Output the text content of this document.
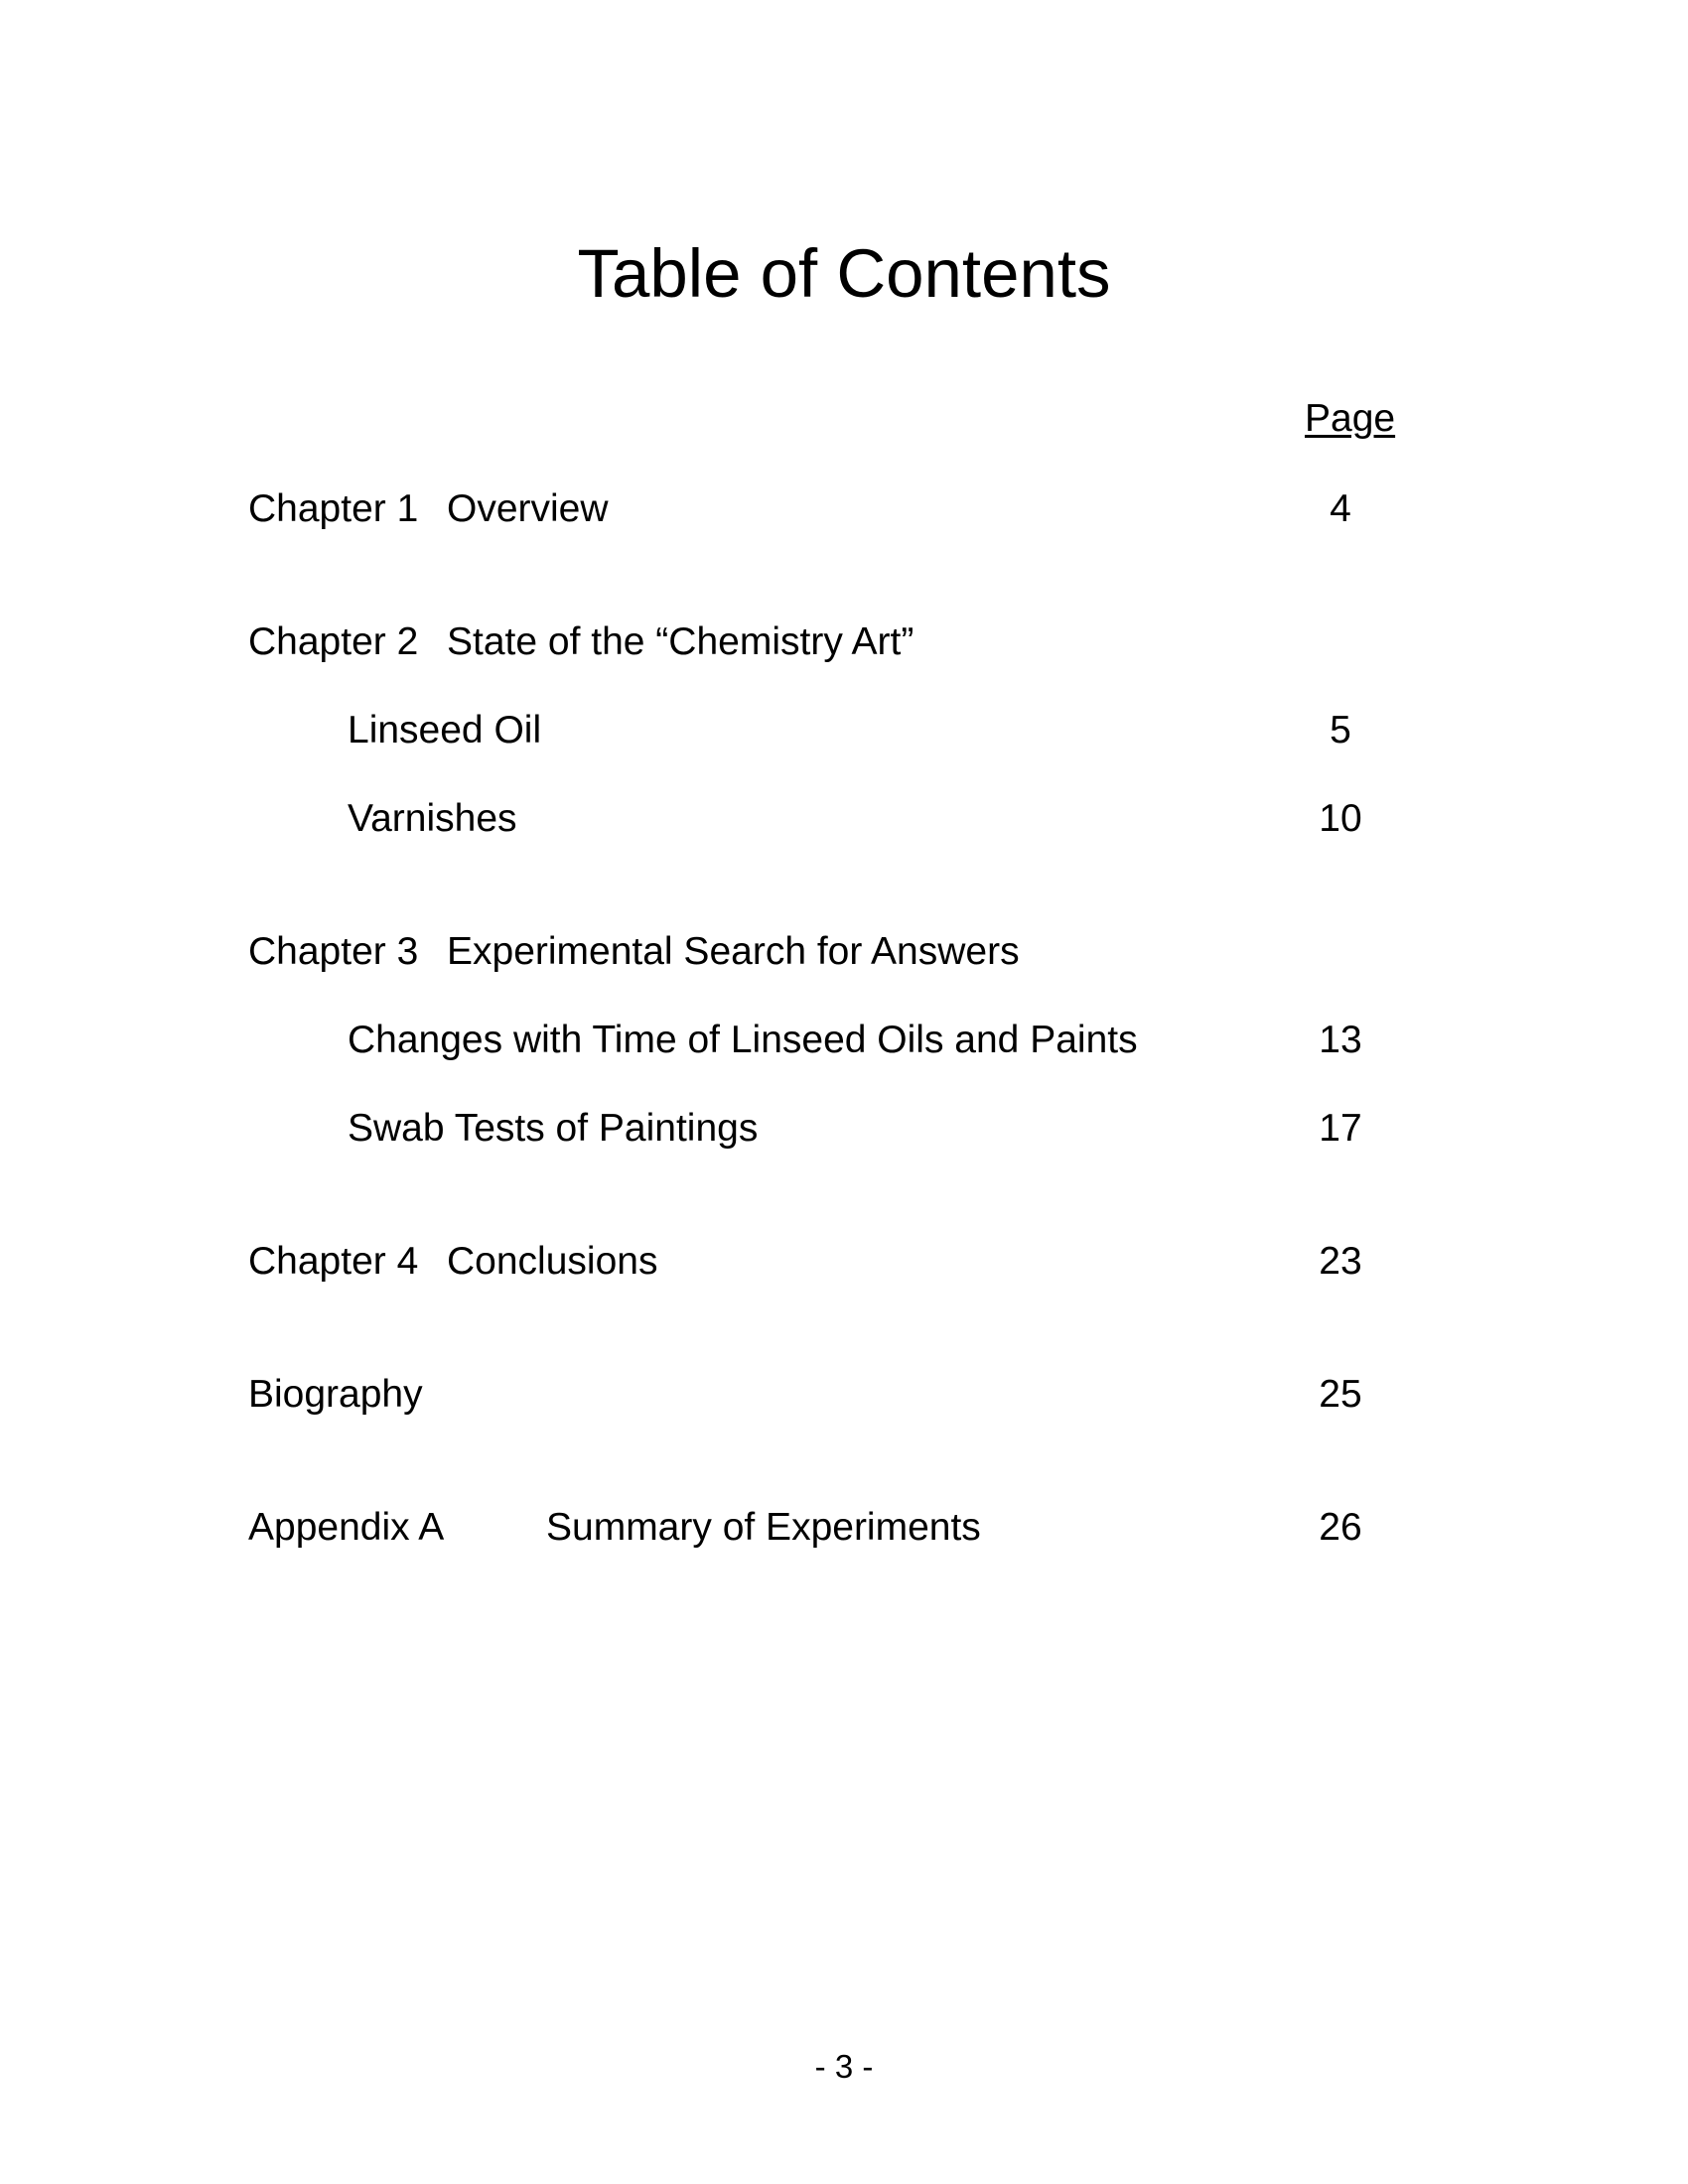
Table of Contents
Page
Chapter 1 Overview	4
Chapter 2 State of the “Chemistry Art”
Linseed Oil	5
Varnishes	10
Chapter 3 Experimental Search for Answers
Changes with Time of Linseed Oils and Paints	13
Swab Tests of Paintings	17
Chapter 4 Conclusions	23
Biography	25
Appendix A	Summary of Experiments	26
- 3 -
